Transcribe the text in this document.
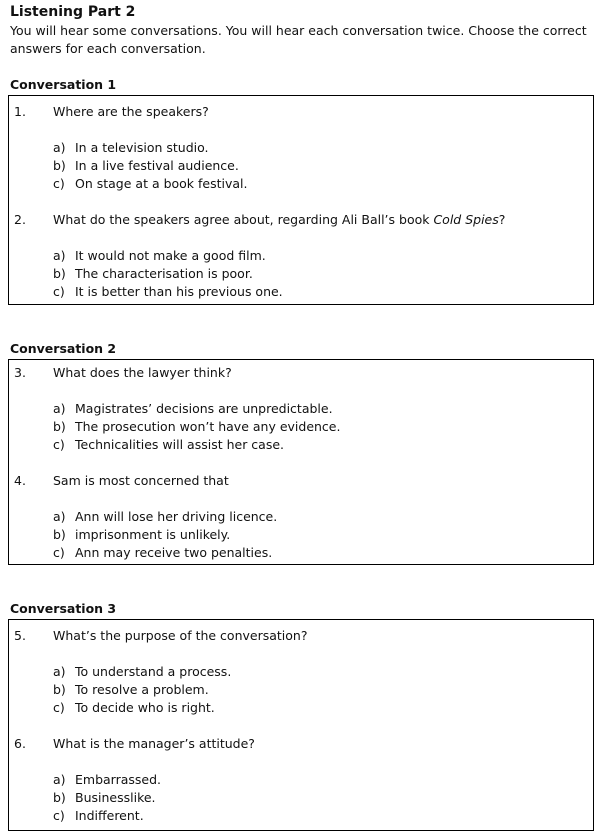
Listening Part 2
You will hear some conversations. You will hear each conversation twice. Choose the correct answers for each conversation.
Conversation 1
1. Where are the speakers?
a) In a television studio.
b) In a live festival audience.
c) On stage at a book festival.
2. What do the speakers agree about, regarding Ali Ball’s book Cold Spies?
a) It would not make a good film.
b) The characterisation is poor.
c) It is better than his previous one.
Conversation 2
3. What does the lawyer think?
a) Magistrates’ decisions are unpredictable.
b) The prosecution won’t have any evidence.
c) Technicalities will assist her case.
4. Sam is most concerned that
a) Ann will lose her driving licence.
b) imprisonment is unlikely.
c) Ann may receive two penalties.
Conversation 3
5. What’s the purpose of the conversation?
a) To understand a process.
b) To resolve a problem.
c) To decide who is right.
6. What is the manager’s attitude?
a) Embarrassed.
b) Businesslike.
c) Indifferent.
